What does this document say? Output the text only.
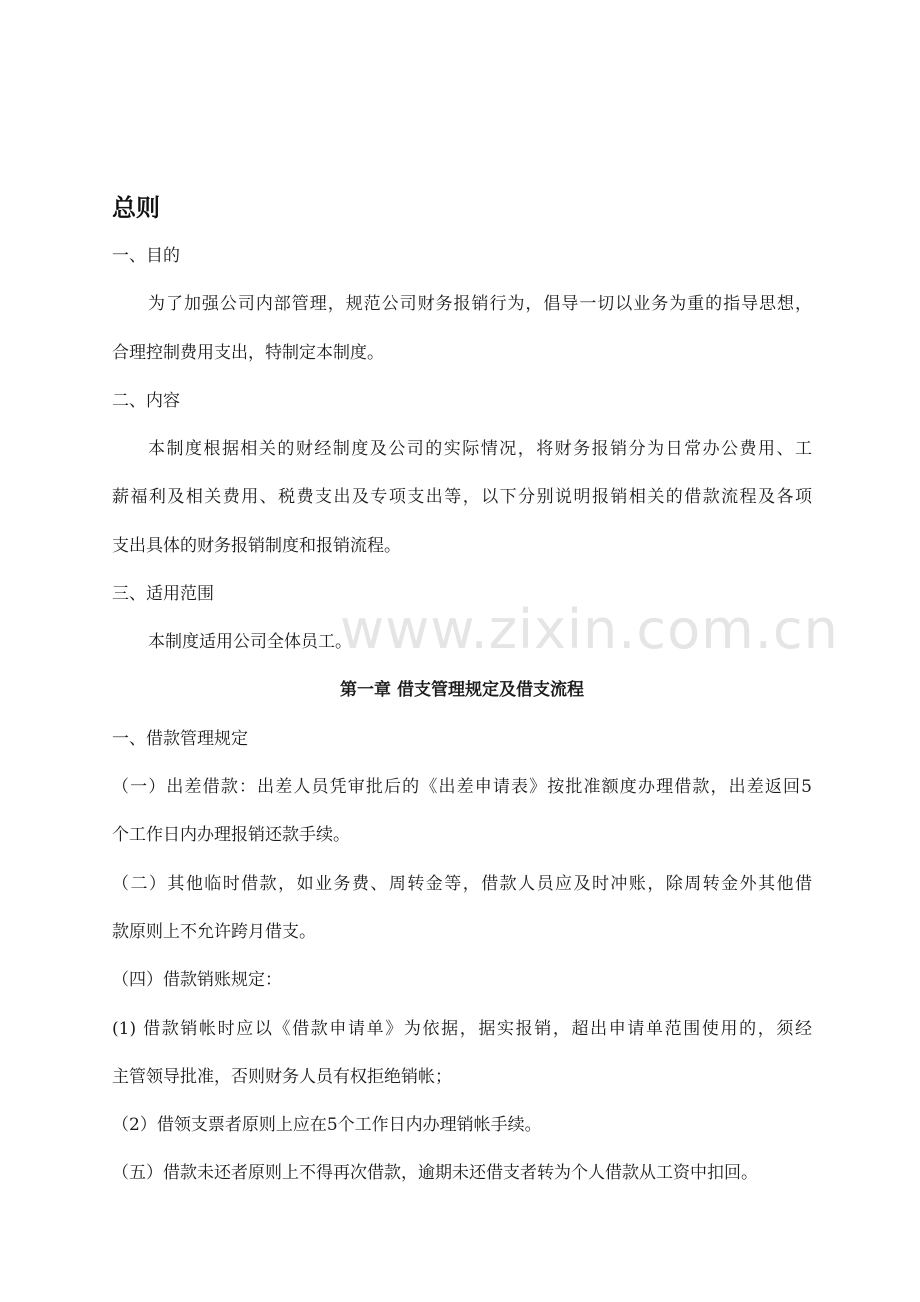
总则

一、目的

为了加强公司内部管理，规范公司财务报销行为，倡导一切以业务为重的指导思想，

合理控制费用支出，特制定本制度。

二、内容

本制度根据相关的财经制度及公司的实际情况，将财务报销分为日常办公费用、工

薪福利及相关费用、税费支出及专项支出等，以下分别说明报销相关的借款流程及各项

支出具体的财务报销制度和报销流程。

三、适用范围

本制度适用公司全体员工。

第一章 借支管理规定及借支流程

一、借款管理规定

（一）出差借款：出差人员凭审批后的《出差申请表》按批准额度办理借款，出差返回5

个工作日内办理报销还款手续。

（二）其他临时借款，如业务费、周转金等，借款人员应及时冲账，除周转金外其他借

款原则上不允许跨月借支。

（四）借款销账规定：

(1) 借款销帐时应以《借款申请单》为依据，据实报销，超出申请单范围使用的，须经

主管领导批准，否则财务人员有权拒绝销帐；

（2）借领支票者原则上应在5个工作日内办理销帐手续。

（五）借款未还者原则上不得再次借款，逾期未还借支者转为个人借款从工资中扣回。

www.zixin.com.cn
